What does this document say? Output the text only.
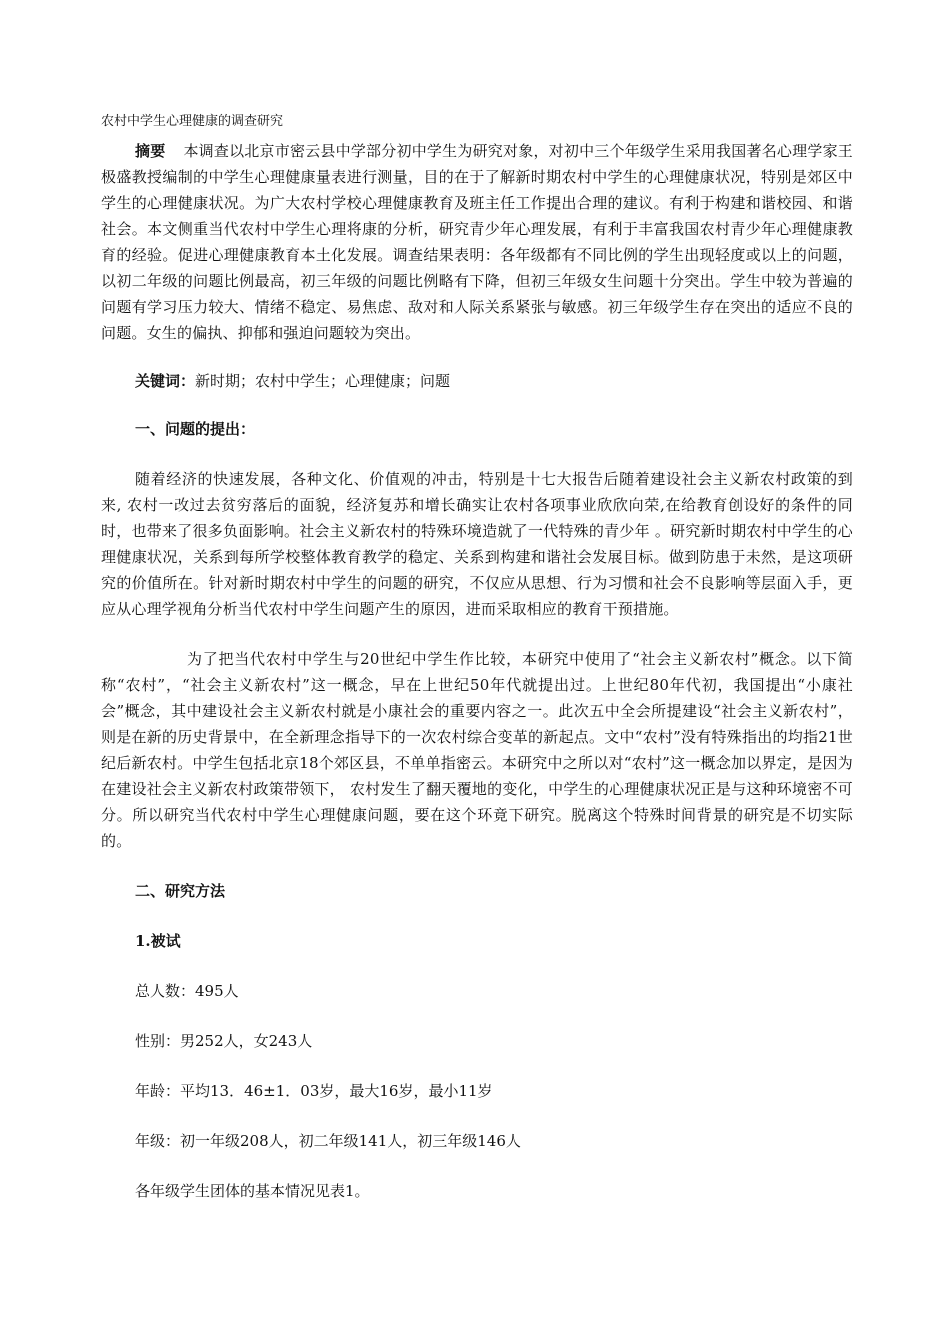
农村中学生心理健康的调查研究

摘要 本调查以北京市密云县中学部分初中学生为研究对象，对初中三个年级学生采用我国著名心理学家王极盛教授编制的中学生心理健康量表进行测量，目的在于了解新时期农村中学生的心理健康状况，特别是郊区中学生的心理健康状况。为广大农村学校心理健康教育及班主任工作提出合理的建议。有利于构建和谐校园、和谐社会。本文侧重当代农村中学生心理将康的分析，研究青少年心理发展，有利于丰富我国农村青少年心理健康教育的经验。促进心理健康教育本土化发展。调查结果表明：各年级都有不同比例的学生出现轻度或以上的问题，以初二年级的问题比例最高，初三年级的问题比例略有下降，但初三年级女生问题十分突出。学生中较为普遍的问题有学习压力较大、情绪不稳定、易焦虑、敌对和人际关系紧张与敏感。初三年级学生存在突出的适应不良的问题。女生的偏执、抑郁和强迫问题较为突出。

关键词：新时期；农村中学生；心理健康；问题

一、问题的提出：

随着经济的快速发展，各种文化、价值观的冲击，特别是十七大报告后随着建设社会主义新农村政策的到来, 农村一改过去贫穷落后的面貌，经济复苏和增长确实让农村各项事业欣欣向荣,在给教育创设好的条件的同时，也带来了很多负面影响。社会主义新农村的特殊环境造就了一代特殊的青少年 。研究新时期农村中学生的心理健康状况，关系到每所学校整体教育教学的稳定、关系到构建和谐社会发展目标。做到防患于未然，是这项研究的价值所在。针对新时期农村中学生的问题的研究，不仅应从思想、行为习惯和社会不良影响等层面入手，更应从心理学视角分析当代农村中学生问题产生的原因，进而采取相应的教育干预措施。

为了把当代农村中学生与20世纪中学生作比较，本研究中使用了“社会主义新农村”概念。以下简称“农村”，“社会主义新农村”这一概念，早在上世纪50年代就提出过。上世纪80年代初，我国提出“小康社会”概念，其中建设社会主义新农村就是小康社会的重要内容之一。此次五中全会所提建设“社会主义新农村”，则是在新的历史背景中，在全新理念指导下的一次农村综合变革的新起点。文中“农村”没有特殊指出的均指21世纪后新农村。中学生包括北京18个郊区县，不单单指密云。本研究中之所以对“农村”这一概念加以界定，是因为在建设社会主义新农村政策带领下， 农村发生了翻天覆地的变化，中学生的心理健康状况正是与这种环境密不可分。所以研究当代农村中学生心理健康问题，要在这个环竟下研究。脱离这个特殊时间背景的研究是不切实际的。

二、研究方法
1.被试
总人数：495人
性别：男252人，女243人
年龄：平均13．46±1．03岁，最大16岁，最小11岁
年级：初一年级208人，初二年级141人，初三年级146人
各年级学生团体的基本情况见表1。
